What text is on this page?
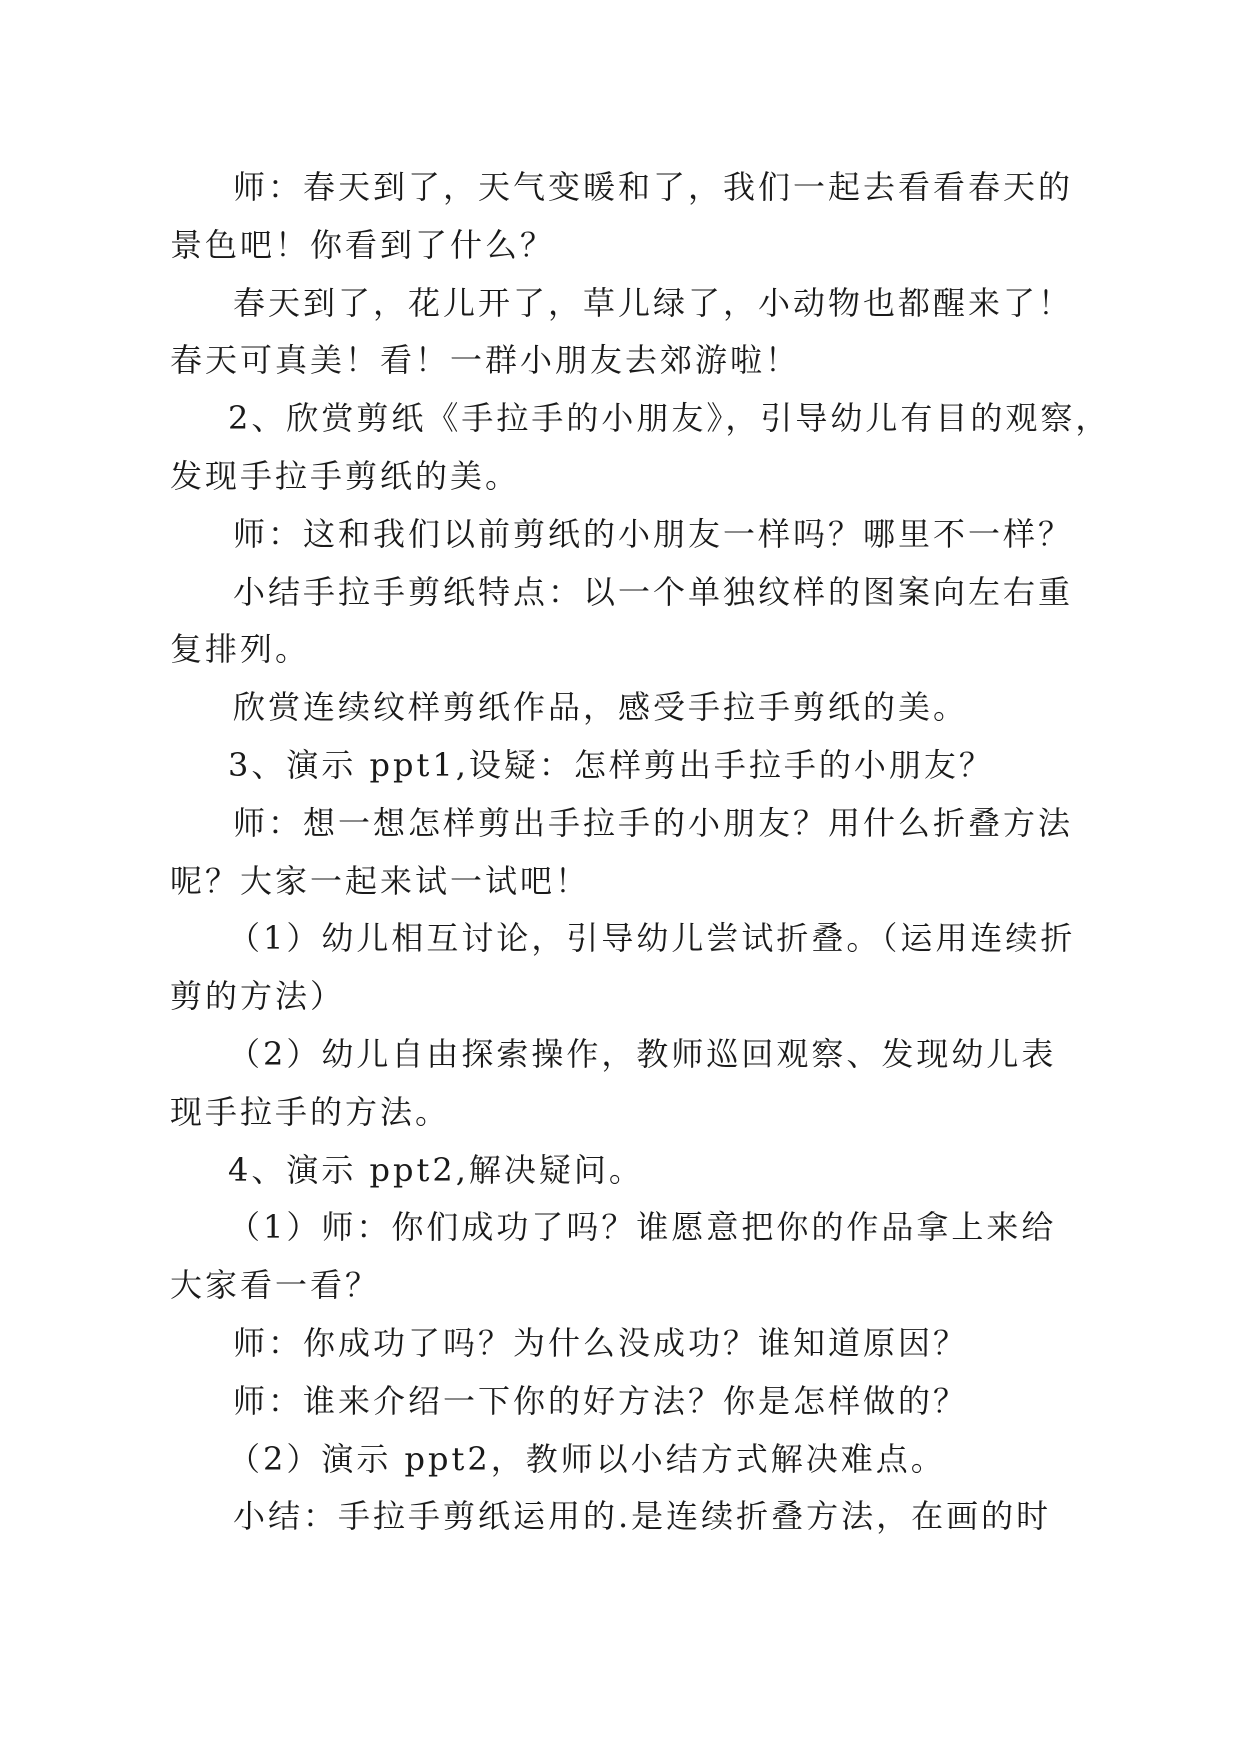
师：春天到了，天气变暖和了，我们一起去看看春天的
景色吧！你看到了什么？
春天到了，花儿开了，草儿绿了，小动物也都醒来了！
春天可真美！看！一群小朋友去郊游啦！
2、欣赏剪纸《手拉手的小朋友》，引导幼儿有目的观察，
发现手拉手剪纸的美。
师：这和我们以前剪纸的小朋友一样吗？哪里不一样？
小结手拉手剪纸特点：以一个单独纹样的图案向左右重
复排列。
欣赏连续纹样剪纸作品，感受手拉手剪纸的美。
3、演示 ppt1,设疑：怎样剪出手拉手的小朋友？
师：想一想怎样剪出手拉手的小朋友？用什么折叠方法
呢？大家一起来试一试吧！
（1）幼儿相互讨论，引导幼儿尝试折叠。（运用连续折
剪的方法）
（2）幼儿自由探索操作，教师巡回观察、发现幼儿表
现手拉手的方法。
4、演示 ppt2,解决疑问。
（1）师：你们成功了吗？谁愿意把你的作品拿上来给
大家看一看？
师：你成功了吗？为什么没成功？谁知道原因？
师：谁来介绍一下你的好方法？你是怎样做的？
（2）演示 ppt2，教师以小结方式解决难点。
小结：手拉手剪纸运用的.是连续折叠方法，在画的时
